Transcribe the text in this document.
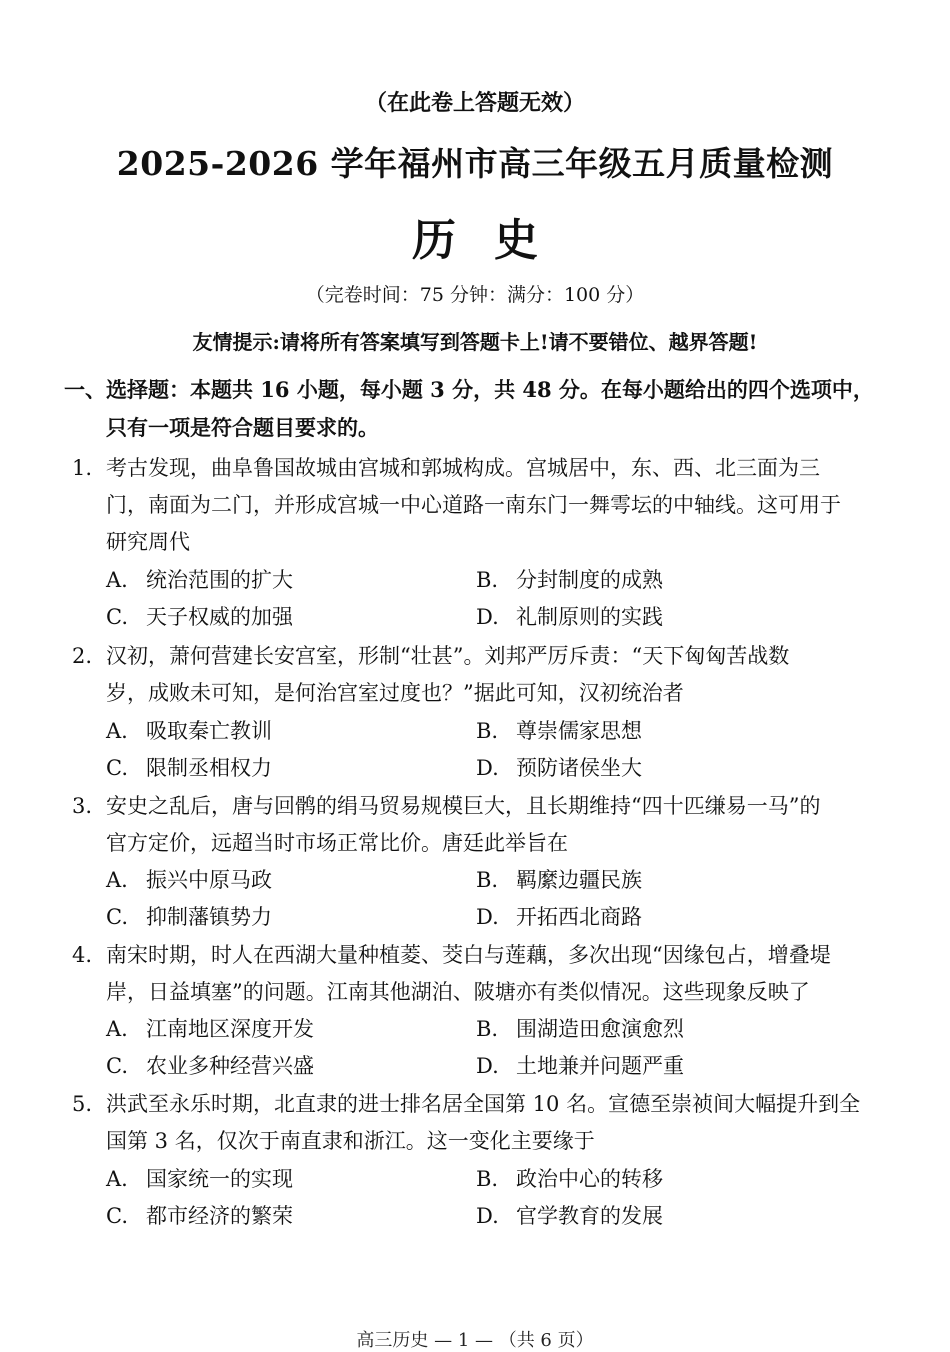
（在此卷上答题无效）
2025-2026 学年福州市高三年级五月质量检测
历史
（完卷时间：75 分钟：满分：100 分）
友情提示:请将所有答案填写到答题卡上!请不要错位、越界答题!
一、选择题：本题共 16 小题，每小题 3 分，共 48 分。在每小题给出的四个选项中，
只有一项是符合题目要求的。
1. 考古发现，曲阜鲁国故城由宫城和郭城构成。宫城居中，东、西、北三面为三
门，南面为二门，并形成宫城一中心道路一南东门一舞雩坛的中轴线。这可用于
研究周代
A. 统治范围的扩大	B. 分封制度的成熟
C. 天子权威的加强	D. 礼制原则的实践
2. 汉初，萧何营建长安宫室，形制“壮甚”。刘邦严厉斥责：“天下匈匈苦战数
岁，成败未可知，是何治宫室过度也？”据此可知，汉初统治者
A. 吸取秦亡教训	B. 尊崇儒家思想
C. 限制丞相权力	D. 预防诸侯坐大
3. 安史之乱后，唐与回鹘的绢马贸易规模巨大，且长期维持“四十匹缣易一马”的
官方定价，远超当时市场正常比价。唐廷此举旨在
A. 振兴中原马政	B. 羁縻边疆民族
C. 抑制藩镇势力	D. 开拓西北商路
4. 南宋时期，时人在西湖大量种植菱、茭白与莲藕，多次出现“因缘包占，增叠堤
岸，日益填塞”的问题。江南其他湖泊、陂塘亦有类似情况。这些现象反映了
A. 江南地区深度开发	B. 围湖造田愈演愈烈
C. 农业多种经营兴盛	D. 土地兼并问题严重
5. 洪武至永乐时期，北直隶的进士排名居全国第 10 名。宣德至崇祯间大幅提升到全
国第 3 名，仅次于南直隶和浙江。这一变化主要缘于
A. 国家统一的实现	B. 政治中心的转移
C. 都市经济的繁荣	D. 官学教育的发展
高三历史 — 1 — （共 6 页）
